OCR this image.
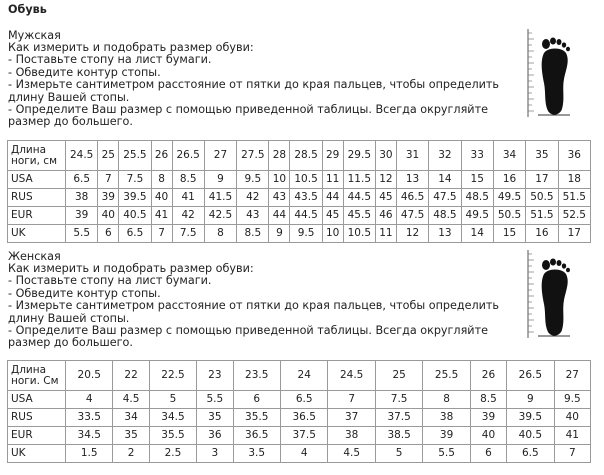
Обувь
Мужская
Как измерить и подобрать размер обуви:
- Поставьте стопу на лист бумаги.
- Обведите контур стопы.
- Измерьте сантиметром расстояние от пятки до края пальцев, чтобы определить
длину Вашей стопы.
- Определите Ваш размер с помощью приведенной таблицы. Всегда округляйте
размер до большего.
Длина ноги, см	24.5	25	25.5	26	26.5	27	27.5	28	28.5	29	29.5	30	31	32	33	34	35	36
USA	6.5	7	7.5	8	8.5	9	9.5	10	10.5	11	11.5	12	13	14	15	16	17	18
RUS	38	39	39.5	40	41	41.5	42	43	43.5	44	44.5	45	46.5	47.5	48.5	49.5	50.5	51.5
EUR	39	40	40.5	41	42	42.5	43	44	44.5	45	45.5	46	47.5	48.5	49.5	50.5	51.5	52.5
UK	5.5	6	6.5	7	7.5	8	8.5	9	9.5	10	10.5	11	12	13	14	15	16	17
Женская
Как измерить и подобрать размер обуви:
- Поставьте стопу на лист бумаги.
- Обведите контур стопы.
- Измерьте сантиметром расстояние от пятки до края пальцев, чтобы определить
длину Вашей стопы.
- Определите Ваш размер с помощью приведенной таблицы. Всегда округляйте
размер до большего.
Длина ноги. См	20.5	22	22.5	23	23.5	24	24.5	25	25.5	26	26.5	27
USA	4	4.5	5	5.5	6	6.5	7	7.5	8	8.5	9	9.5
RUS	33.5	34	34.5	35	35.5	36.5	37	37.5	38	39	39.5	40
EUR	34.5	35	35.5	36	36.5	37.5	38	38.5	39	40	40.5	41
UK	1.5	2	2.5	3	3.5	4	4.5	5	5.5	6	6.5	7
